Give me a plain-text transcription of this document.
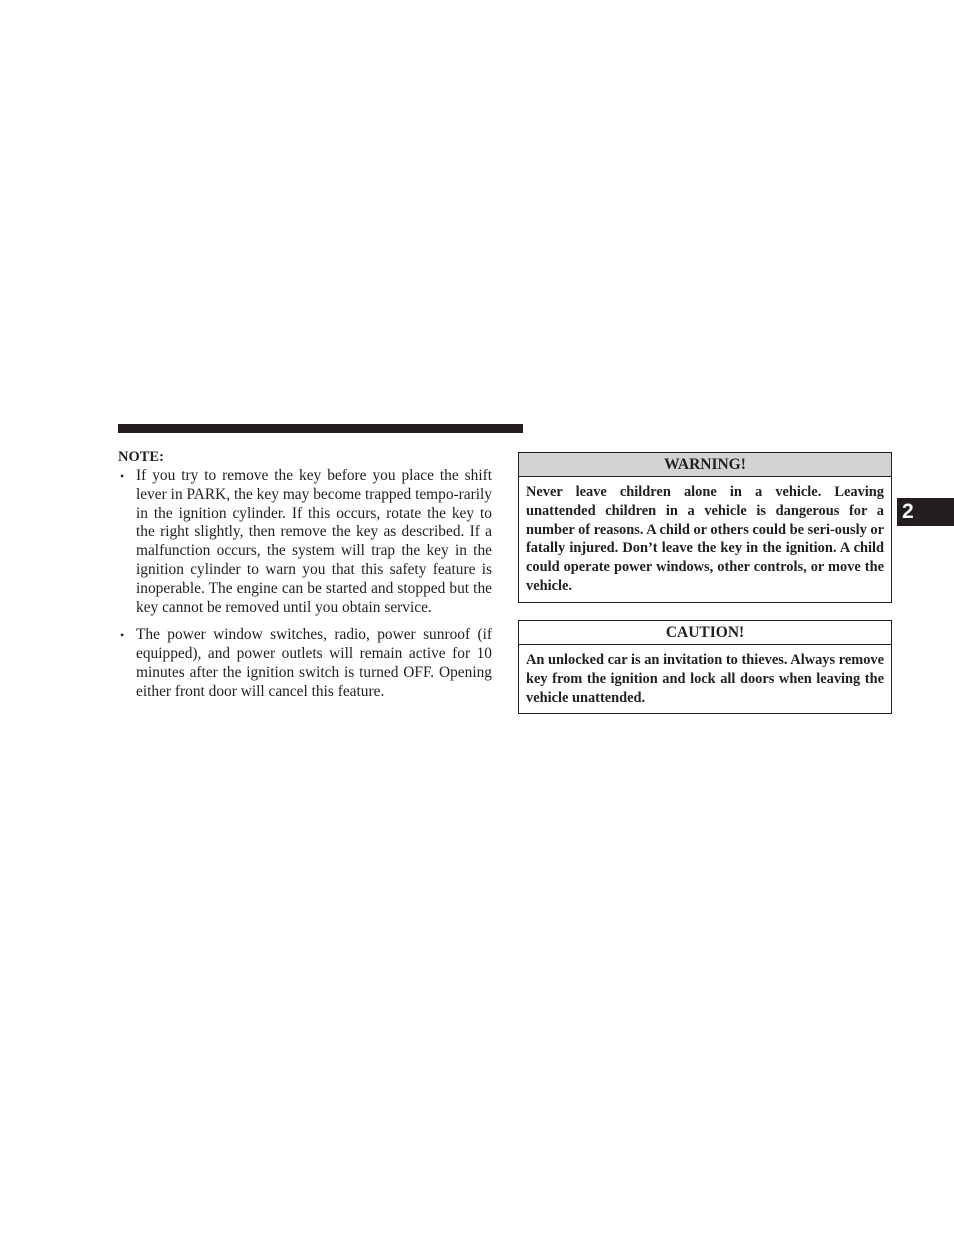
NOTE:
• If you try to remove the key before you place the shift lever in PARK, the key may become trapped tempo-rarily in the ignition cylinder. If this occurs, rotate the key to the right slightly, then remove the key as described. If a malfunction occurs, the system will trap the key in the ignition cylinder to warn you that this safety feature is inoperable. The engine can be started and stopped but the key cannot be removed until you obtain service.
• The power window switches, radio, power sunroof (if equipped), and power outlets will remain active for 10 minutes after the ignition switch is turned OFF. Opening either front door will cancel this feature.
WARNING!
Never leave children alone in a vehicle. Leaving unattended children in a vehicle is dangerous for a number of reasons. A child or others could be seri-ously or fatally injured. Don’t leave the key in the ignition. A child could operate power windows, other controls, or move the vehicle.
CAUTION!
An unlocked car is an invitation to thieves. Always remove key from the ignition and lock all doors when leaving the vehicle unattended.
2
